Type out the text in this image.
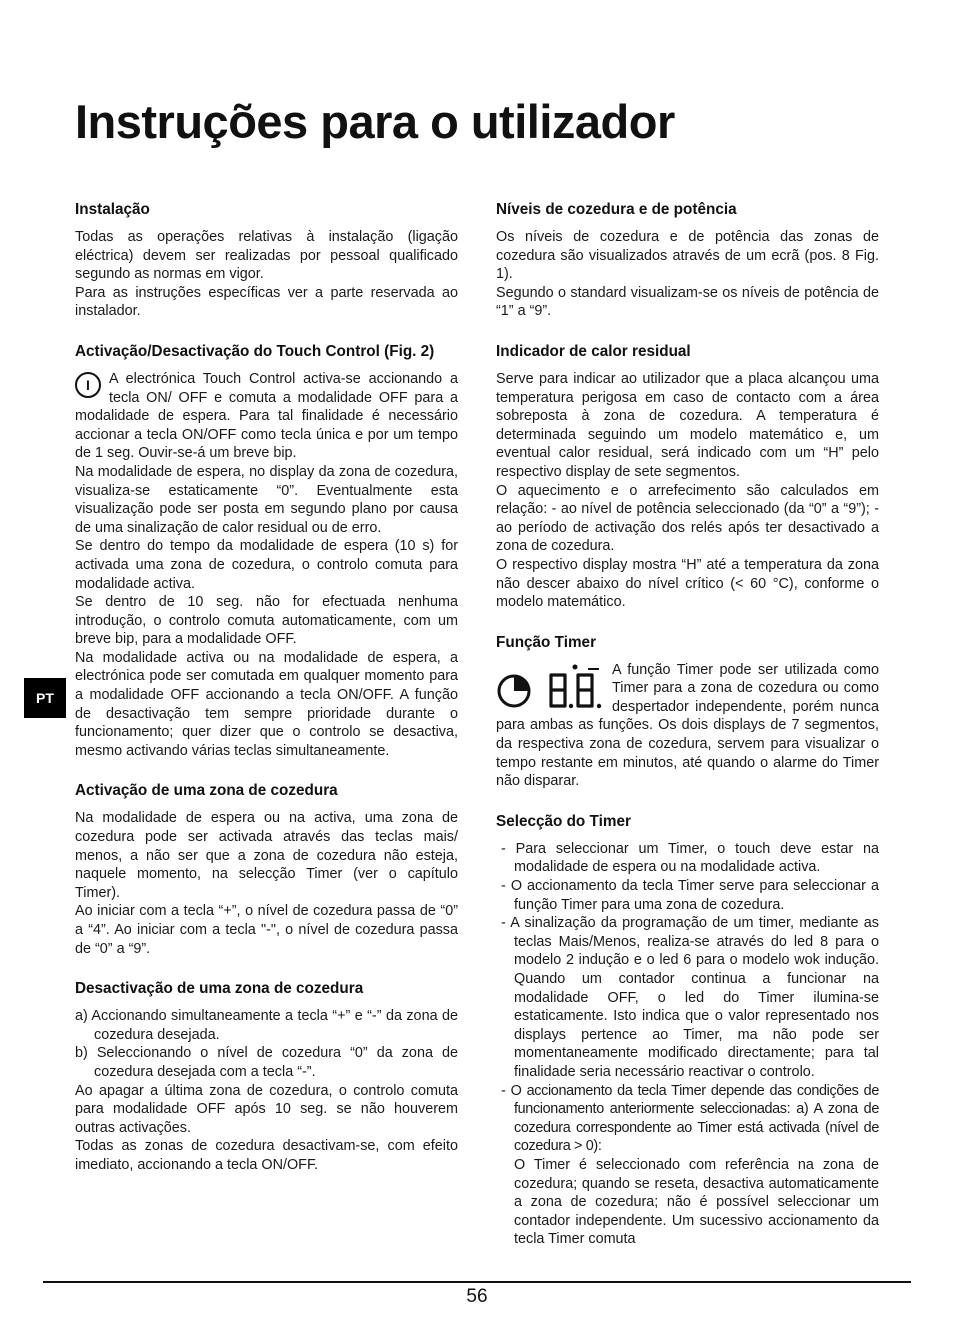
Instruções para o utilizador
Instalação

Todas as operações relativas à instalação (ligação eléctrica) devem ser realizadas por pessoal qualificado segundo as normas em vigor.

Para as instruções específicas ver a parte reservada ao instalador.

Activação/Desactivação do Touch Control (Fig. 2)

I	A electrónica Touch Control activa-se accionando a tecla ON/ OFF e comuta a modalidade OFF para a modalidade de espera. Para tal finalidade é necessário accionar a tecla ON/OFF como tecla única e por um tempo de 1 seg. Ouvir-se-á um breve bip.

Na modalidade de espera, no display da zona de cozedura, visualiza-se estaticamente “0”. Eventualmente esta visualização pode ser posta em segundo plano por causa de uma sinalização de calor residual ou de erro.

Se dentro do tempo da modalidade de espera (10 s) for activada uma zona de cozedura, o controlo comuta para modalidade activa.

Se dentro de 10 seg. não for efectuada nenhuma introdução, o controlo comuta automaticamente, com um breve bip, para a modalidade OFF.

Na modalidade activa ou na modalidade de espera, a electrónica pode ser comutada em qualquer momento para a modalidade OFF accionando a tecla ON/OFF. A função de desactivação tem sempre prioridade durante o funcionamento; quer dizer que o controlo se desactiva, mesmo activando várias teclas simultaneamente.

Activação de uma zona de cozedura

Na modalidade de espera ou na activa, uma zona de cozedura pode ser activada através das teclas mais/ menos, a não ser que a zona de cozedura não esteja, naquele momento, na selecção Timer (ver o capítulo Timer).

Ao iniciar com a tecla “+”, o nível de cozedura passa de “0” a “4”. Ao iniciar com a tecla "-", o nível de cozedura passa de “0” a “9”.

Desactivação de uma zona de cozedura
a) Accionando simultaneamente a tecla “+” e “-” da zona de cozedura desejada.
b) Seleccionando o nível de cozedura “0” da zona de cozedura desejada com a tecla “-”.

Ao apagar a última zona de cozedura, o controlo comuta para modalidade OFF após 10 seg. se não houverem outras activações.

Todas as zonas de cozedura desactivam-se, com efeito imediato, accionando a tecla ON/OFF.

Níveis de cozedura e de potência

Os níveis de cozedura e de potência das zonas de cozedura são visualizados através de um ecrã (pos. 8 Fig. 1).

Segundo o standard visualizam-se os níveis de potência de “1” a “9”.

Indicador de calor residual

Serve para indicar ao utilizador que a placa alcançou uma temperatura perigosa em caso de contacto com a área sobreposta à zona de cozedura. A temperatura é determinada seguindo um modelo matemático e, um eventual calor residual, será indicado com um “H” pelo respectivo display de sete segmentos.

O aquecimento e o arrefecimento são calculados em relação: - ao nível de potência seleccionado (da “0” a “9”); - ao período de activação dos relés após ter desactivado a zona de cozedura.

O respectivo display mostra “H” até a temperatura da zona não descer abaixo do nível crítico (< 60 °C), conforme o modelo matemático.

Função Timer

A função Timer pode ser utilizada como Timer para a zona de cozedura ou como despertador independente, porém nunca para ambas as funções. Os dois displays de 7 segmentos, da respectiva zona de cozedura, servem para visualizar o tempo restante em minutos, até quando o alarme do Timer não disparar.

Selecção do Timer
- Para seleccionar um Timer, o touch deve estar na modalidade de espera ou na modalidade activa.
- O accionamento da tecla Timer serve para seleccionar a função Timer para uma zona de cozedura.
- A sinalização da programação de um timer, mediante as teclas Mais/Menos, realiza-se através do led 8 para o modelo 2 indução e o led 6 para o modelo wok indução. Quando um contador continua a funcionar na modalidade OFF, o led do Timer ilumina-se estaticamente. Isto indica que o valor representado nos displays pertence ao Timer, ma não pode ser momentaneamente modificado directamente; para tal finalidade seria necessário reactivar o controlo.
- O accionamento da tecla Timer depende das condições de funcionamento anteriormente seleccionadas: a) A zona de cozedura correspondente ao Timer está activada (nível de cozedura > 0):

O Timer é seleccionado com referência na zona de cozedura; quando se reseta, desactiva automaticamente a zona de cozedura; não é possível seleccionar um contador independente. Um sucessivo accionamento da tecla Timer comuta

PT
56
